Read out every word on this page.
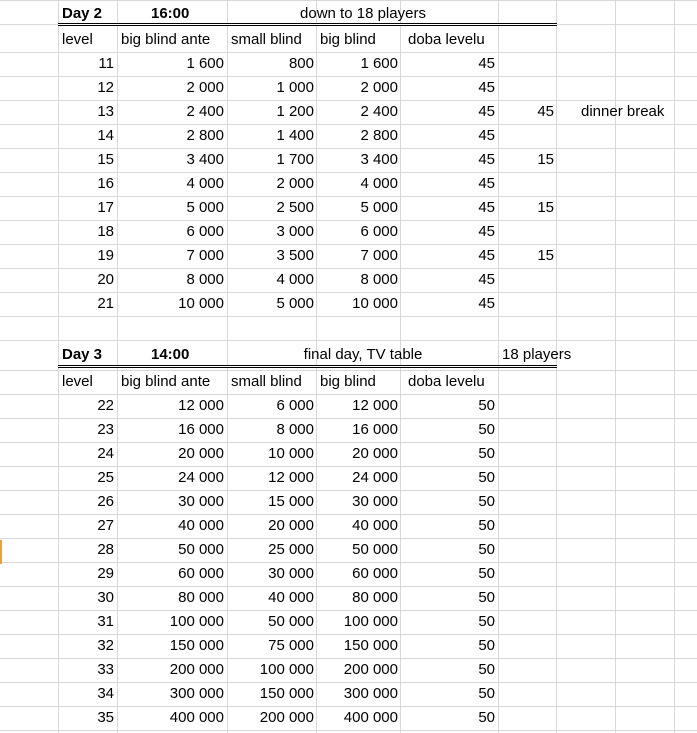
Day 2	16:00	down to 18 players
level	big blind ante	small blind	big blind	doba levelu
11	1 600	800	1 600	45
12	2 000	1 000	2 000	45
13	2 400	1 200	2 400	45	45 dinner break
14	2 800	1 400	2 800	45
15	3 400	1 700	3 400	45	15
16	4 000	2 000	4 000	45
17	5 000	2 500	5 000	45	15
18	6 000	3 000	6 000	45
19	7 000	3 500	7 000	45	15
20	8 000	4 000	8 000	45
21	10 000	5 000	10 000	45
Day 3	14:00	final day, TV table	18 players
level	big blind ante	small blind	big blind	doba levelu
22	12 000	6 000	12 000	50
23	16 000	8 000	16 000	50
24	20 000	10 000	20 000	50
25	24 000	12 000	24 000	50
26	30 000	15 000	30 000	50
27	40 000	20 000	40 000	50
28	50 000	25 000	50 000	50
29	60 000	30 000	60 000	50
30	80 000	40 000	80 000	50
31	100 000	50 000	100 000	50
32	150 000	75 000	150 000	50
33	200 000	100 000	200 000	50
34	300 000	150 000	300 000	50
35	400 000	200 000	400 000	50
